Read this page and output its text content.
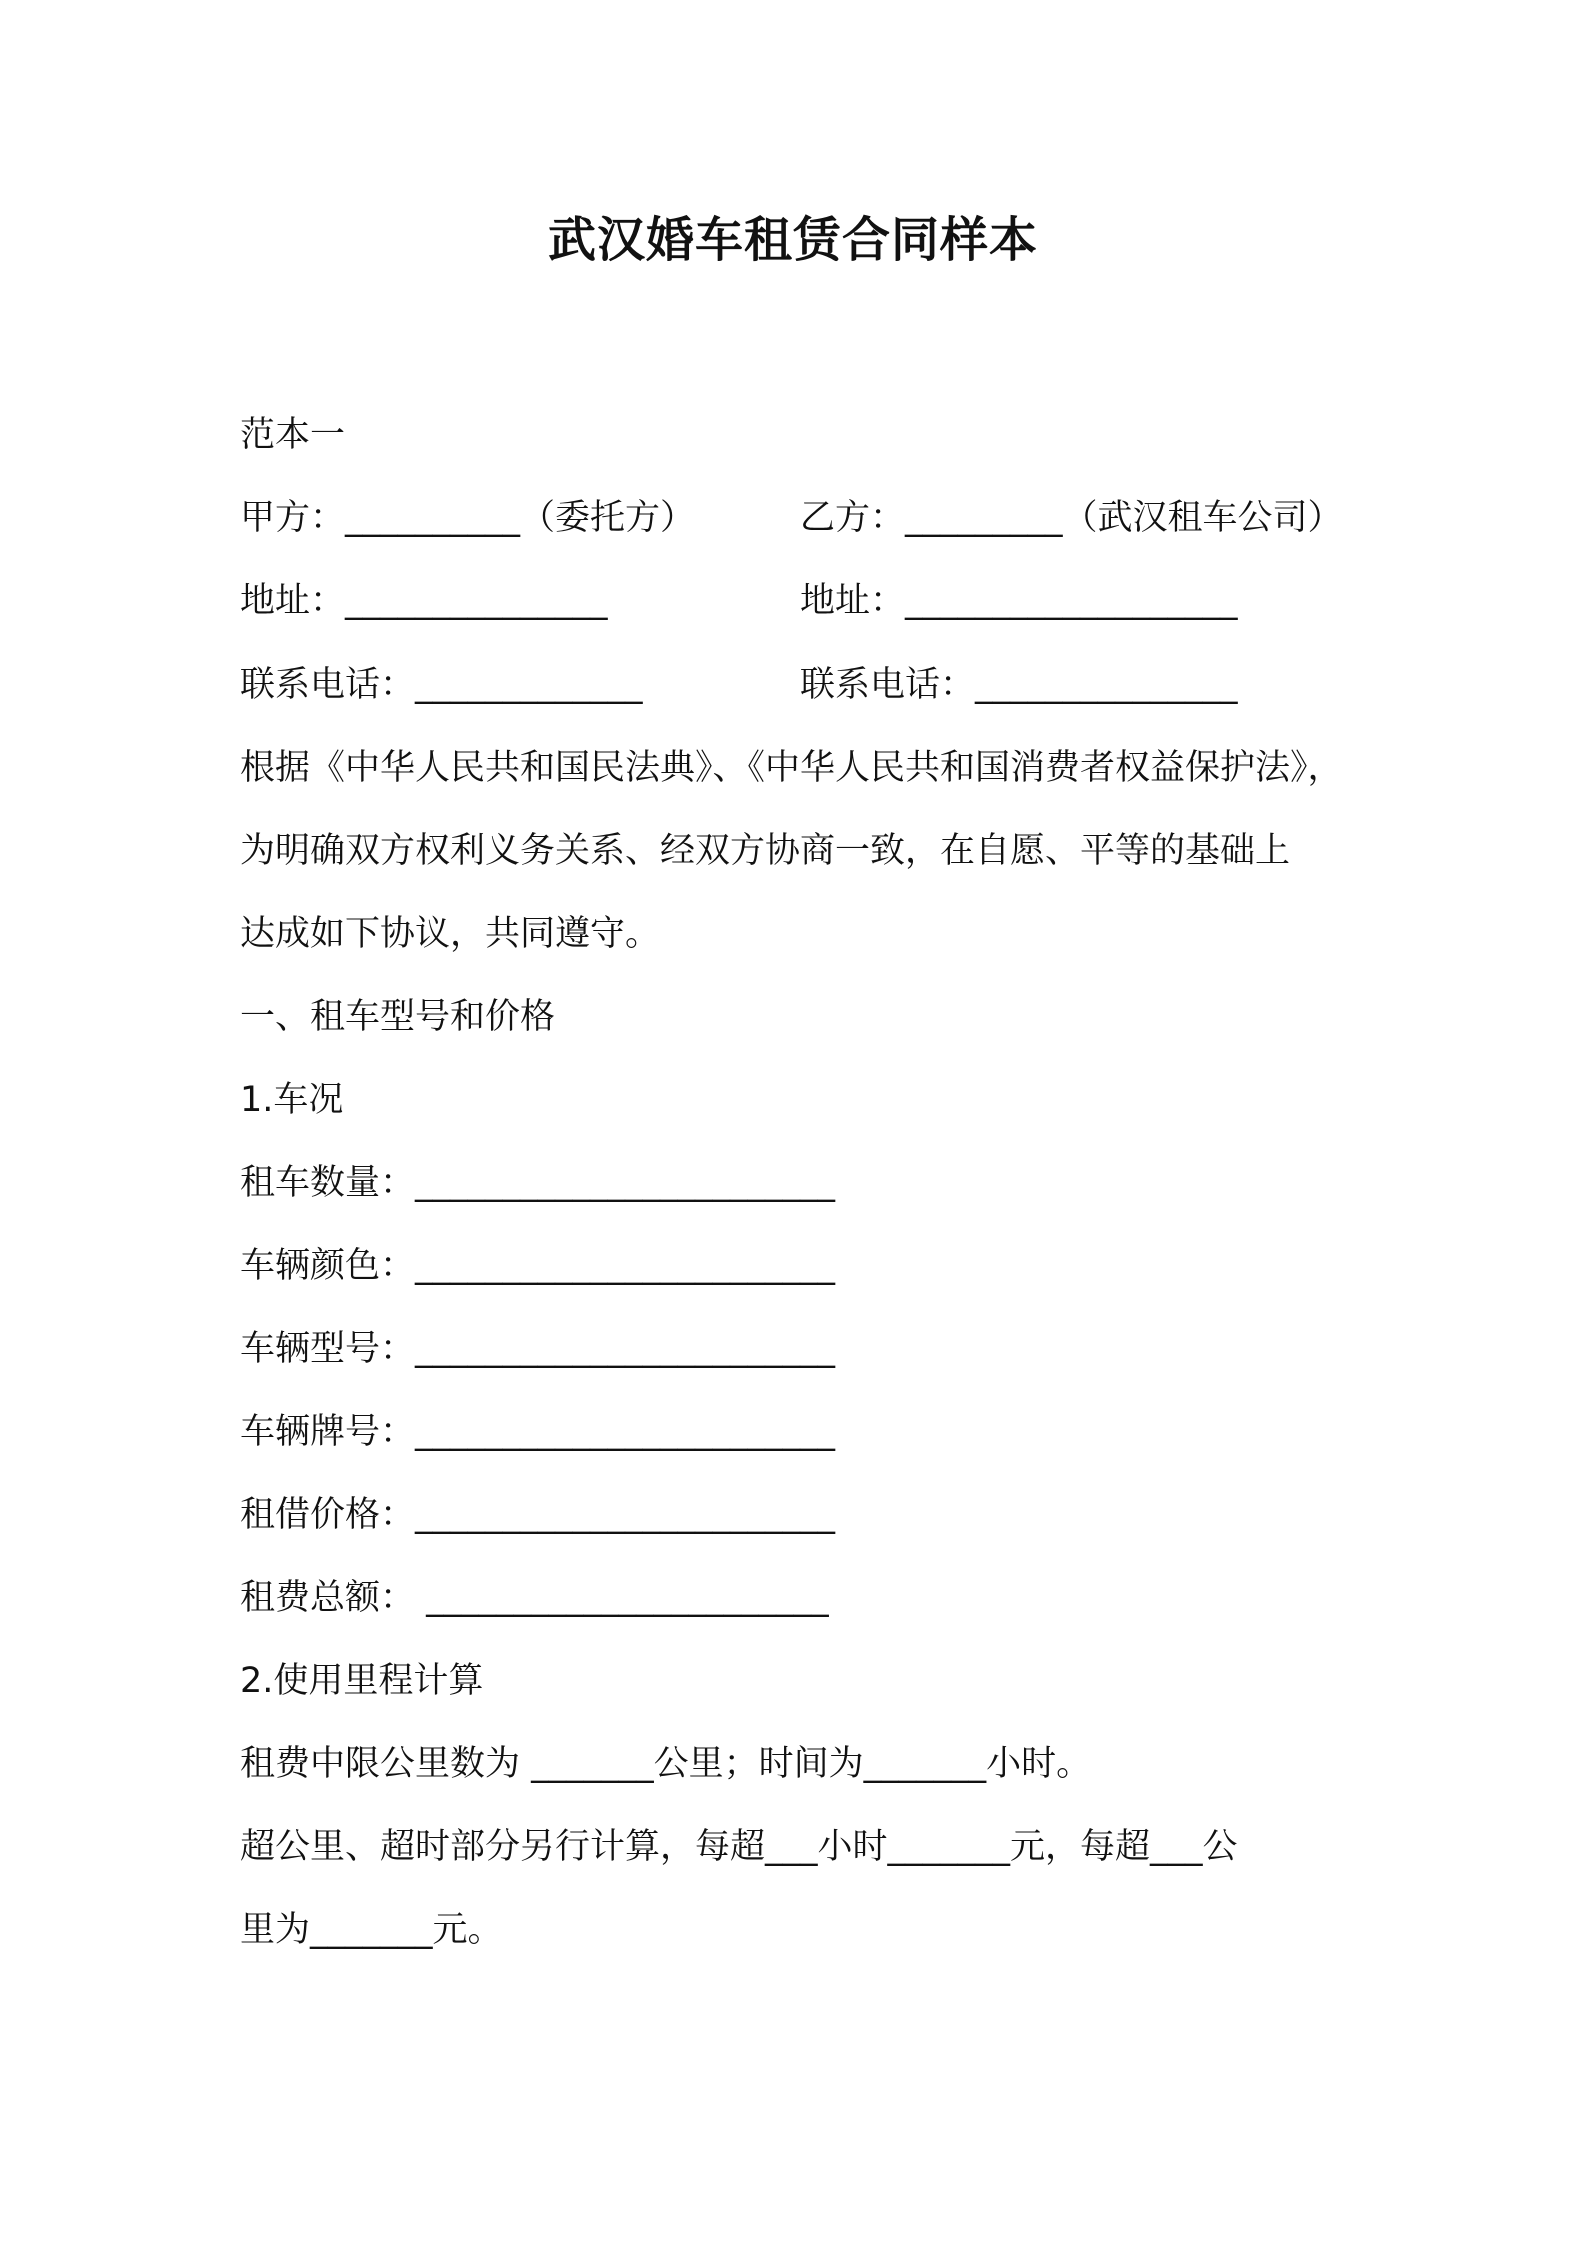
武汉婚车租赁合同样本
范本一
甲方：__________（委托方）	乙方：_________（武汉租车公司）
地址：_______________	地址：___________________
联系电话：_____________	联系电话：_______________
根据《中华人民共和国民法典》、《中华人民共和国消费者权益保护法》，
为明确双方权利义务关系、经双方协商一致，在自愿、平等的基础上
达成如下协议，共同遵守。
一、租车型号和价格
1.车况
租车数量：________________________
车辆颜色：________________________
车辆型号：________________________
车辆牌号：________________________
租借价格：________________________
租费总额： _______________________
2.使用里程计算
租费中限公里数为 _______公里；时间为_______小时。
超公里、超时部分另行计算，每超___小时_______元，每超___公
里为_______元。
